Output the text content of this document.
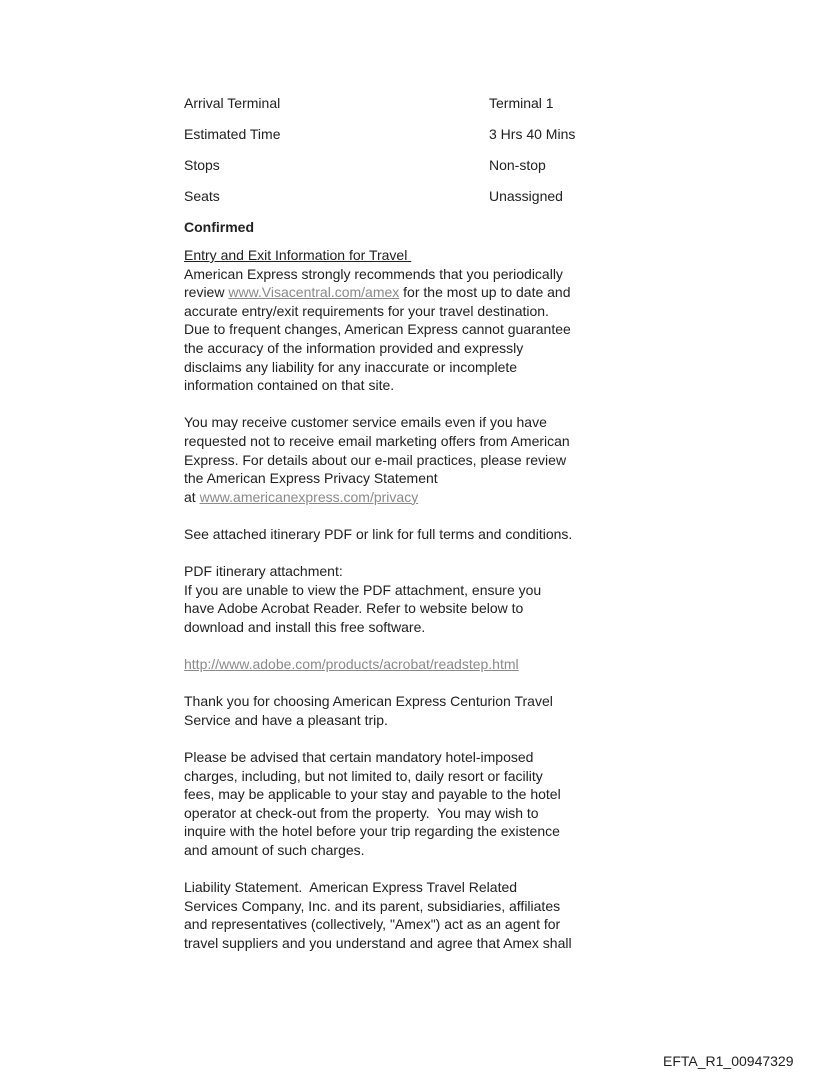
Arrival Terminal	Terminal 1
Estimated Time	3 Hrs 40 Mins
Stops	Non-stop
Seats	Unassigned
Confirmed
Entry and Exit Information for Travel
American Express strongly recommends that you periodically
review www.Visacentral.com/amex for the most up to date and
accurate entry/exit requirements for your travel destination.
Due to frequent changes, American Express cannot guarantee
the accuracy of the information provided and expressly
disclaims any liability for any inaccurate or incomplete
information contained on that site.
You may receive customer service emails even if you have
requested not to receive email marketing offers from American
Express. For details about our e-mail practices, please review
the American Express Privacy Statement
at www.americanexpress.com/privacy
See attached itinerary PDF or link for full terms and conditions.
PDF itinerary attachment:
If you are unable to view the PDF attachment, ensure you
have Adobe Acrobat Reader. Refer to website below to
download and install this free software.
http://www.adobe.com/products/acrobat/readstep.html
Thank you for choosing American Express Centurion Travel
Service and have a pleasant trip.
Please be advised that certain mandatory hotel-imposed
charges, including, but not limited to, daily resort or facility
fees, may be applicable to your stay and payable to the hotel
operator at check-out from the property.  You may wish to
inquire with the hotel before your trip regarding the existence
and amount of such charges.
Liability Statement.  American Express Travel Related
Services Company, Inc. and its parent, subsidiaries, affiliates
and representatives (collectively, "Amex") act as an agent for
travel suppliers and you understand and agree that Amex shall
EFTA_R1_00947329
